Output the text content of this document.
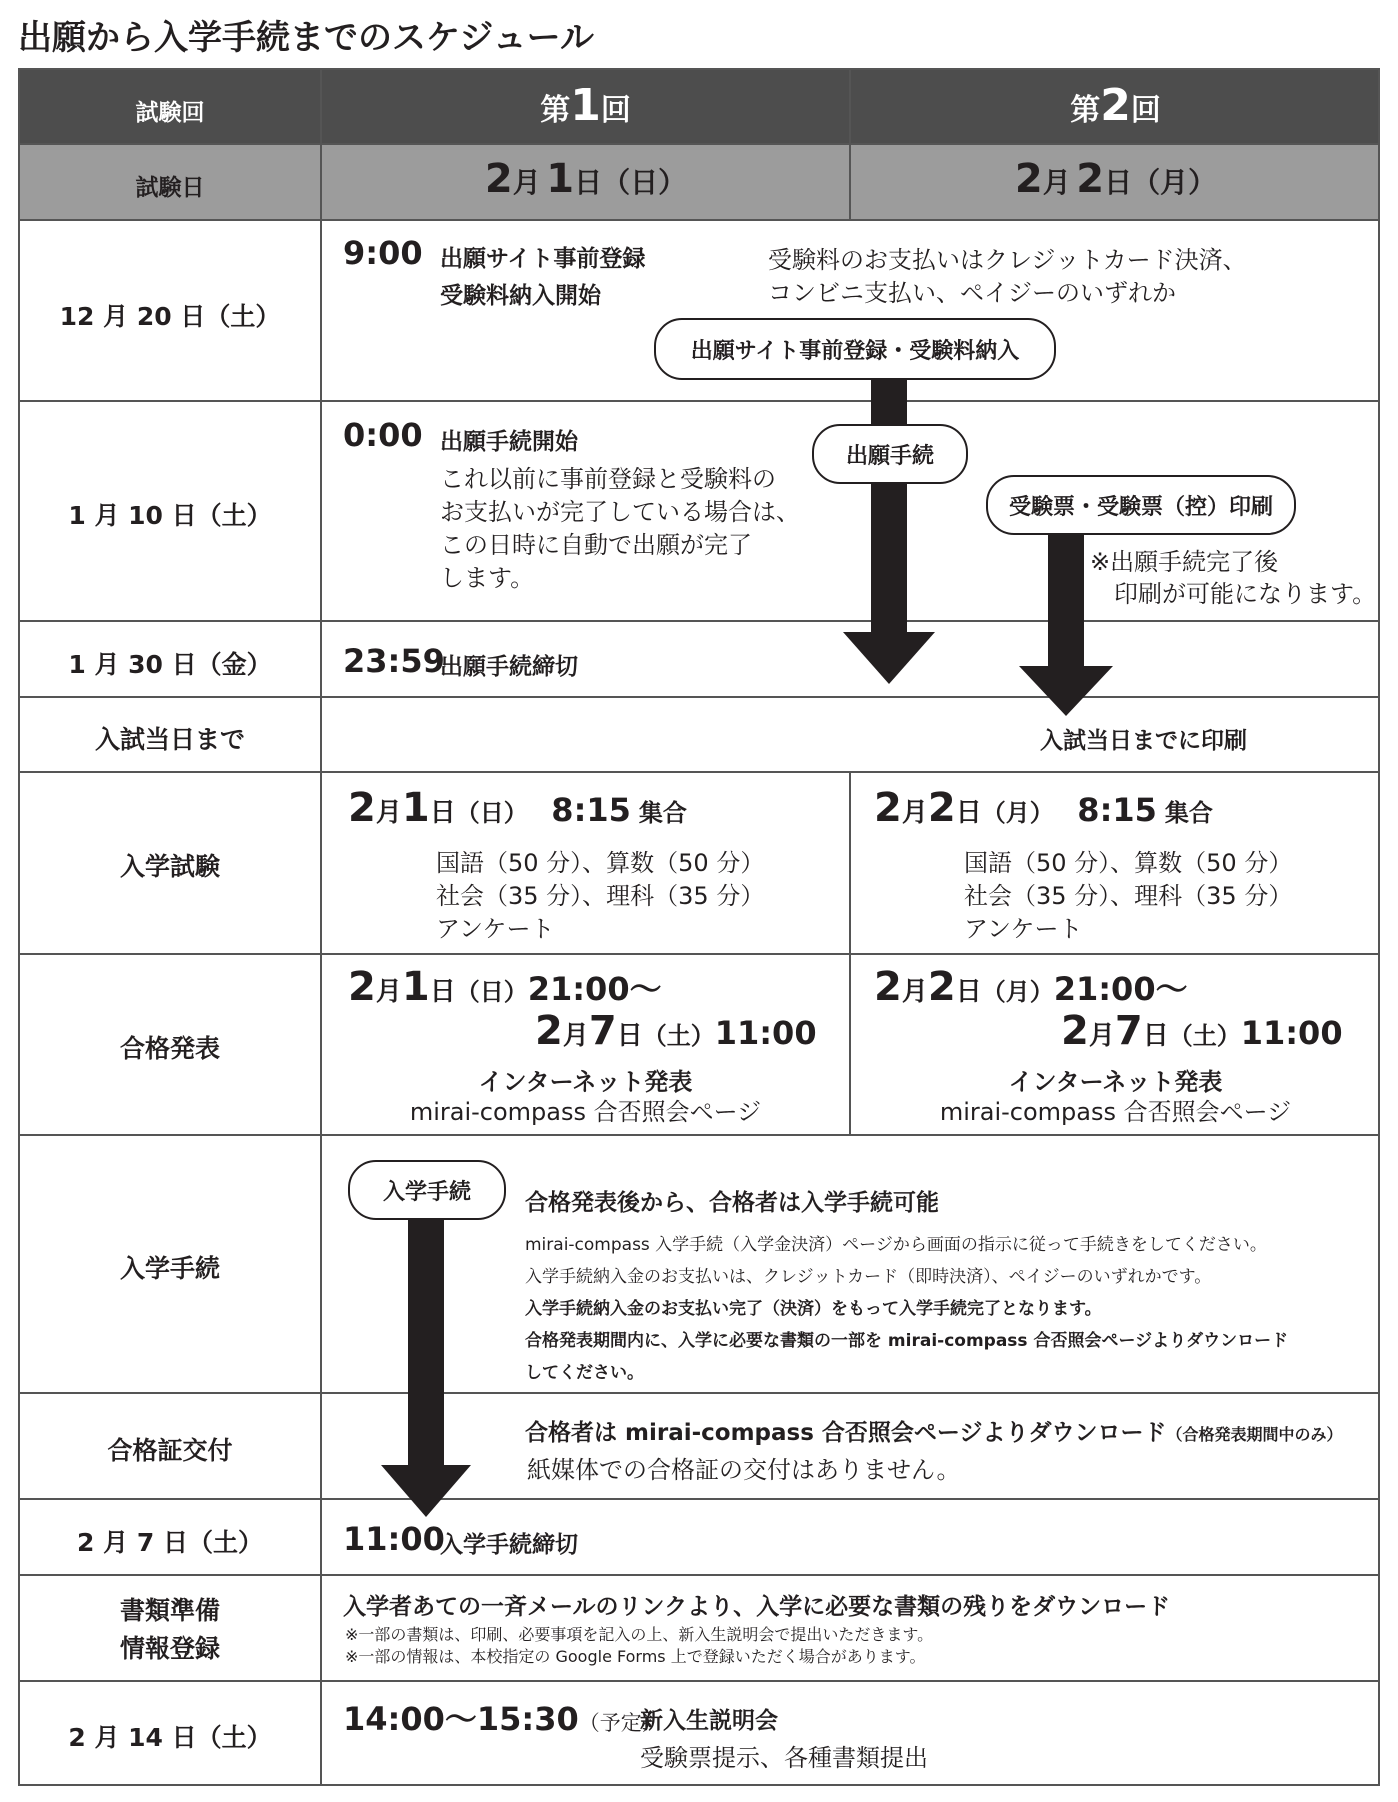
出願から入学手続までのスケジュール
試験回
試験日
第1回	第2回
2月 1日（日）	2月 2日（月）
12 月 20 日（土）
1 月 10 日（土）
1 月 30 日（金）
入試当日まで
入学試験
合格発表
入学手続
合格証交付
2 月 7 日（土）
書類準備
情報登録
2 月 14 日（土）
9:00 出願サイト事前登録
受験料納入開始
受験料のお支払いはクレジットカード決済、
コンビニ支払い、ペイジーのいずれか
0:00 出願手続開始
これ以前に事前登録と受験料の
お支払いが完了している場合は、
この日時に自動で出願が完了
します。
23:59
出願手続締切
入試当日までに印刷
2月1日（日） 8:15 集合
国語（50 分）、算数（50 分）
社会（35 分）、理科（35 分）
アンケート
2月2日（月） 8:15 集合
国語（50 分）、算数（50 分）
社会（35 分）、理科（35 分）
アンケート
2月1日（日）21:00〜
2月7日（土）11:00
インターネット発表
mirai-compass 合否照会ページ
2月2日（月）21:00〜
2月7日（土）11:00
インターネット発表
mirai-compass 合否照会ページ
合格発表後から、合格者は入学手続可能
mirai-compass 入学手続（入学金決済）ページから画面の指示に従って手続きをしてください。
入学手続納入金のお支払いは、クレジットカード（即時決済）、ペイジーのいずれかです。
入学手続納入金のお支払い完了（決済）をもって入学手続完了となります。
合格発表期間内に、入学に必要な書類の一部を mirai-compass 合否照会ページよりダウンロード
してください。
合格者は mirai-compass 合否照会ページよりダウンロード（合格発表期間中のみ）
紙媒体での合格証の交付はありません。
11:00
入学手続締切
入学者あての一斉メールのリンクより、入学に必要な書類の残りをダウンロード
※一部の書類は、印刷、必要事項を記入の上、新入生説明会で提出いただきます。
※一部の情報は、本校指定の Google Forms 上で登録いただく場合があります。
14:00〜15:30（予定）
新入生説明会
受験票提示、各種書類提出
出願サイト事前登録・受験料納入
出願手続
受験票・受験票（控）印刷
入学手続
※出願手続完了後
印刷が可能になります。
